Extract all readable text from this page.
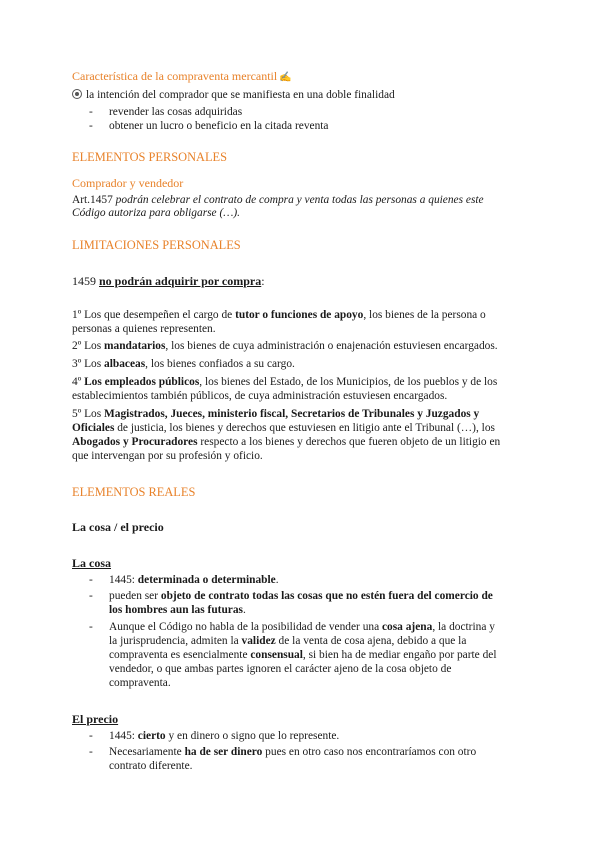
Característica de la compraventa mercantil ✍
la intención del comprador que se manifiesta en una doble finalidad
- revender las cosas adquiridas
- obtener un lucro o beneficio en la citada reventa
ELEMENTOS PERSONALES
Comprador y vendedor
Art.1457 podrán celebrar el contrato de compra y venta todas las personas a quienes este
Código autoriza para obligarse (…).
LIMITACIONES PERSONALES
1459 no podrán adquirir por compra:
1º Los que desempeñen el cargo de tutor o funciones de apoyo, los bienes de la persona o
personas a quienes representen.
2º Los mandatarios, los bienes de cuya administración o enajenación estuviesen encargados.
3º Los albaceas, los bienes confiados a su cargo.
4º Los empleados públicos, los bienes del Estado, de los Municipios, de los pueblos y de los
establecimientos también públicos, de cuya administración estuviesen encargados.
5º Los Magistrados, Jueces, ministerio fiscal, Secretarios de Tribunales y Juzgados y
Oficiales de justicia, los bienes y derechos que estuviesen en litigio ante el Tribunal (…), los
Abogados y Procuradores respecto a los bienes y derechos que fueren objeto de un litigio en
que intervengan por su profesión y oficio.
ELEMENTOS REALES
La cosa / el precio
La cosa
- 1445: determinada o determinable.
- pueden ser objeto de contrato todas las cosas que no estén fuera del comercio de
los hombres aun las futuras.
- Aunque el Código no habla de la posibilidad de vender una cosa ajena, la doctrina y
la jurisprudencia, admiten la validez de la venta de cosa ajena, debido a que la
compraventa es esencialmente consensual, si bien ha de mediar engaño por parte del
vendedor, o que ambas partes ignoren el carácter ajeno de la cosa objeto de
compraventa.
El precio
- 1445: cierto y en dinero o signo que lo represente.
- Necesariamente ha de ser dinero pues en otro caso nos encontraríamos con otro
contrato diferente.
